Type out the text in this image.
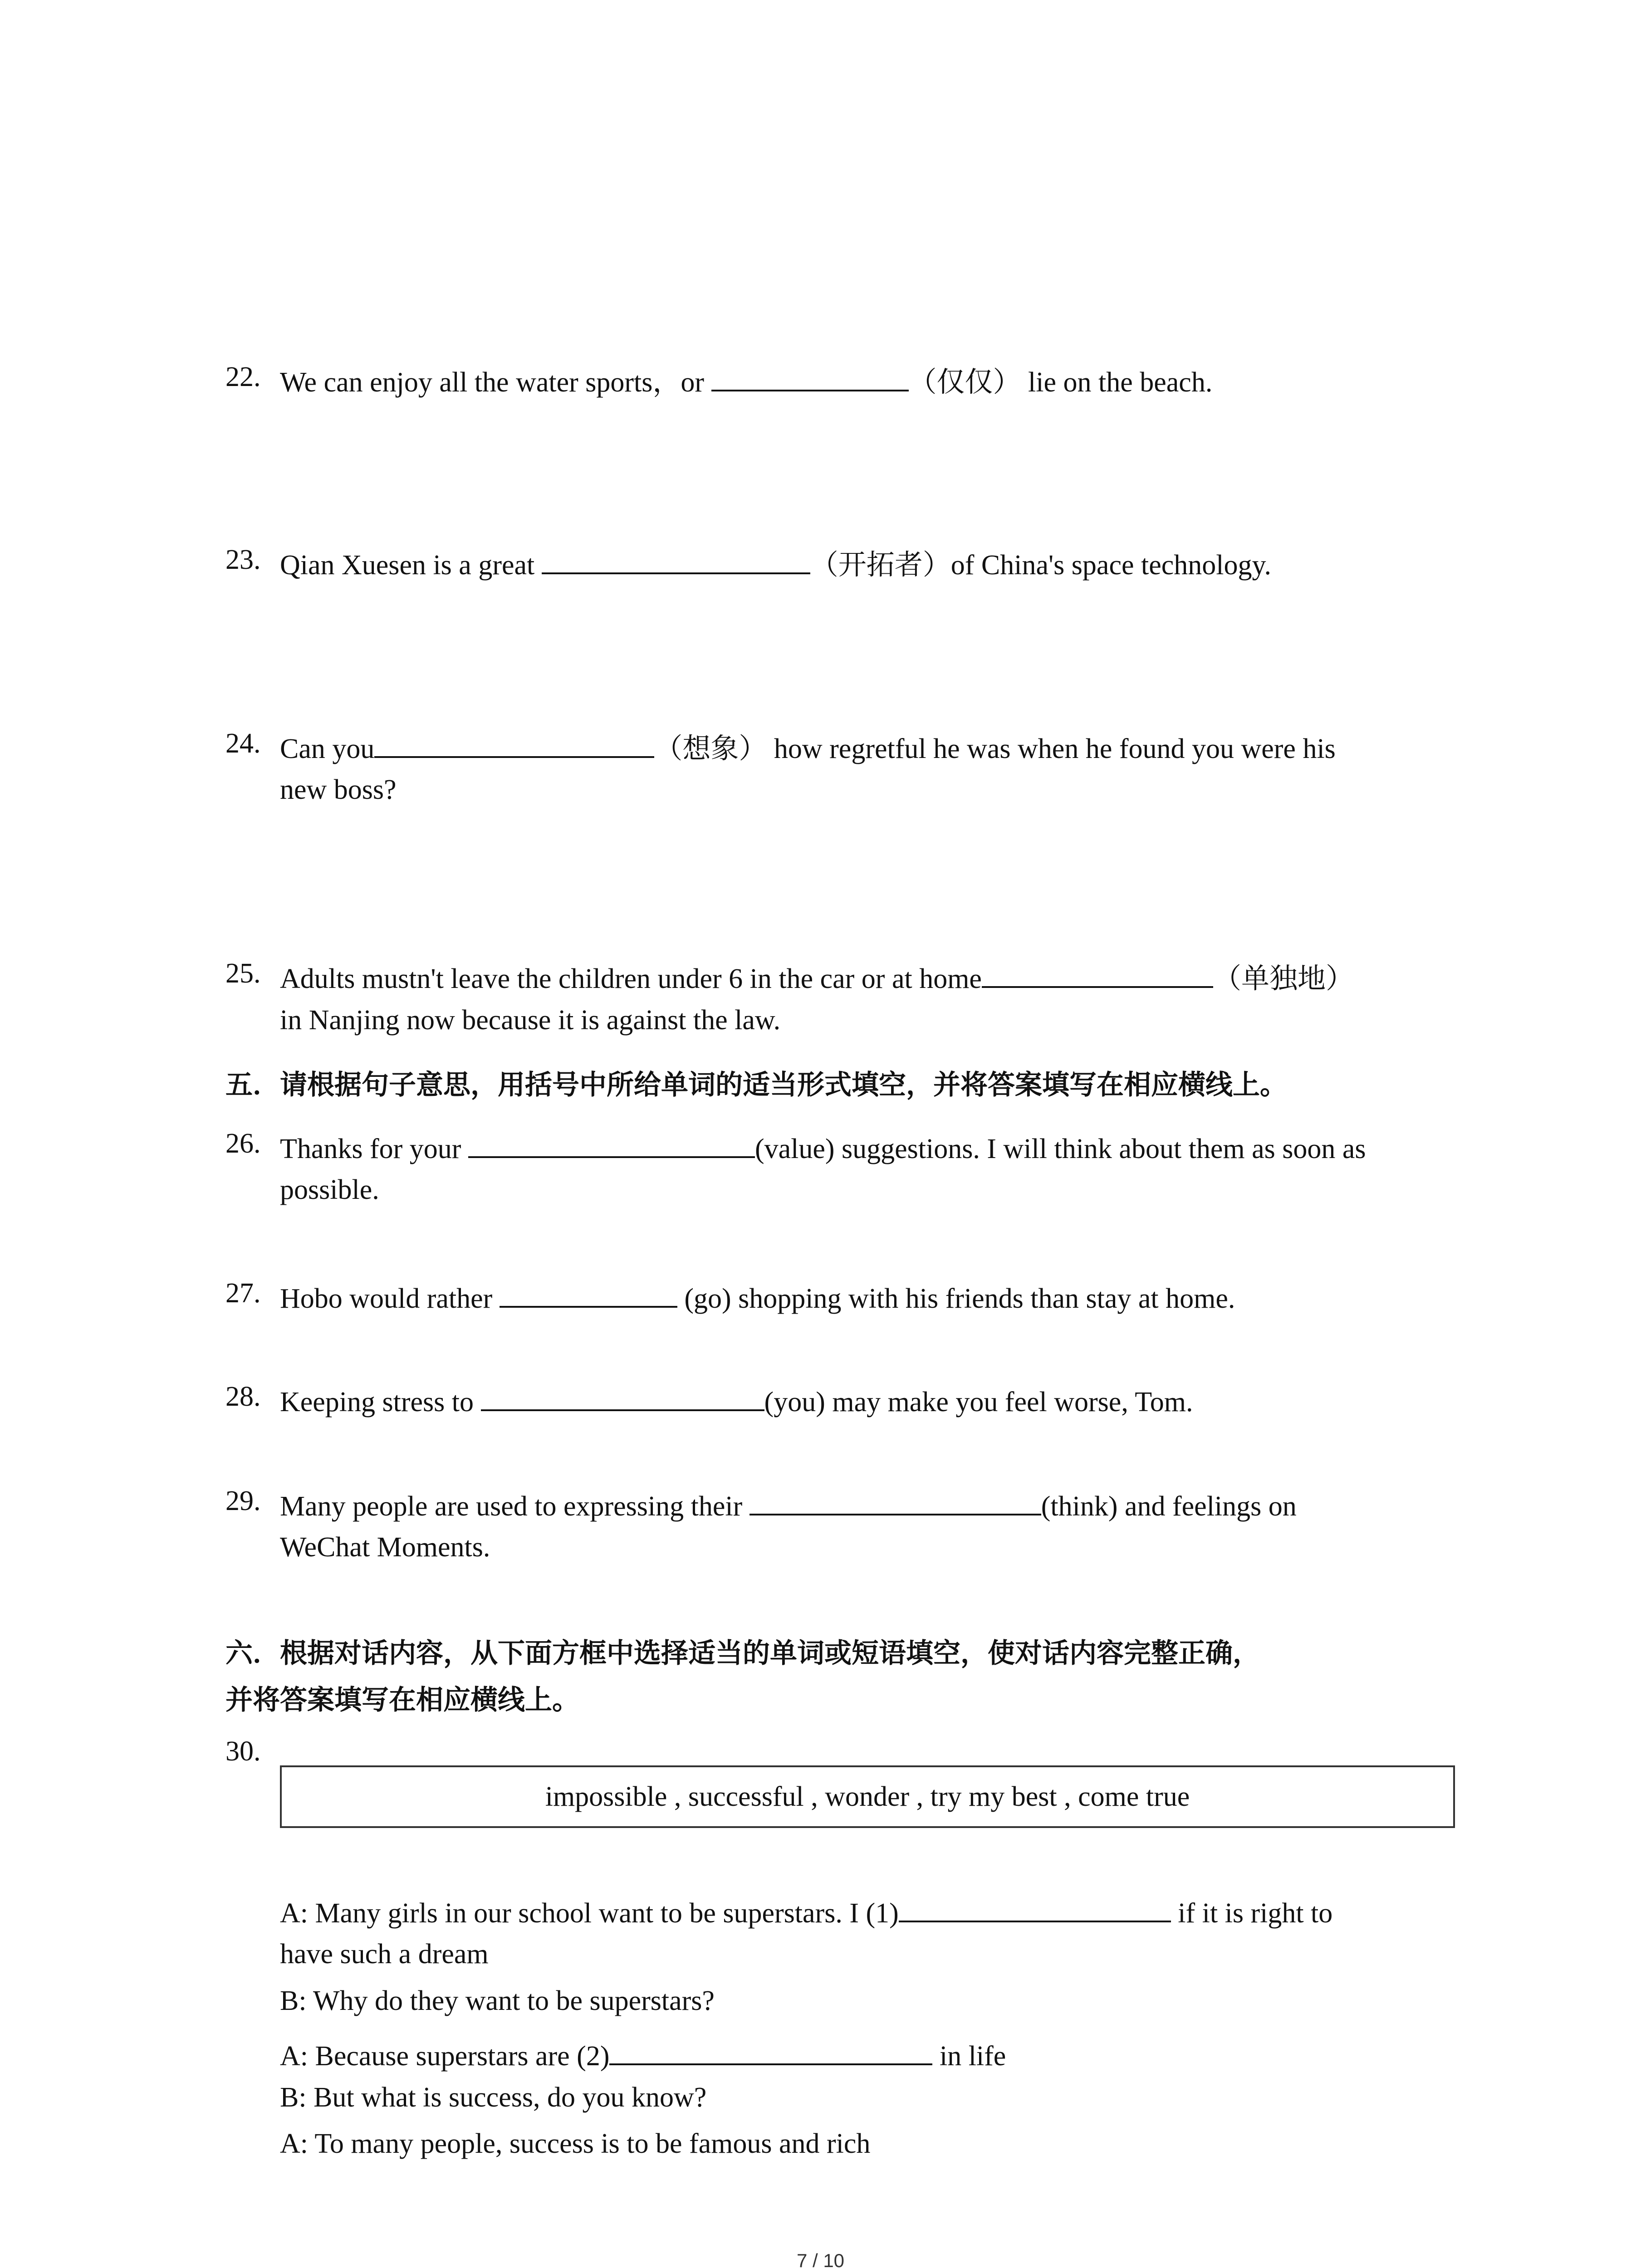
22. We can enjoy all the water sports，or	（仅仅） lie on the beach.
23. Qian Xuesen is a great	（开拓者）of China's space technology.
24. Can you	（想象） how regretful he was when he found you were his
new boss?
25. Adults mustn't leave the children under 6 in the car or at home	（单独地）
in Nanjing now because it is against the law.
五．请根据句子意思，用括号中所给单词的适当形式填空，并将答案填写在相应横线上。
26. Thanks for your	(value) suggestions. I will think about them as soon as
possible.
27. Hobo would rather	(go) shopping with his friends than stay at home.
28. Keeping stress to	(you) may make you feel worse, Tom.
29. Many people are used to expressing their	(think) and feelings on
WeChat Moments.
六．根据对话内容，从下面方框中选择适当的单词或短语填空，使对话内容完整正确，
并将答案填写在相应横线上。
30.
impossible , successful , wonder , try my best , come true
A: Many girls in our school want to be superstars. I (1)	if it is right to
have such a dream
B: Why do they want to be superstars?
A: Because superstars are (2)	in life
B: But what is success, do you know?
A: To many people, success is to be famous and rich
7 / 10
